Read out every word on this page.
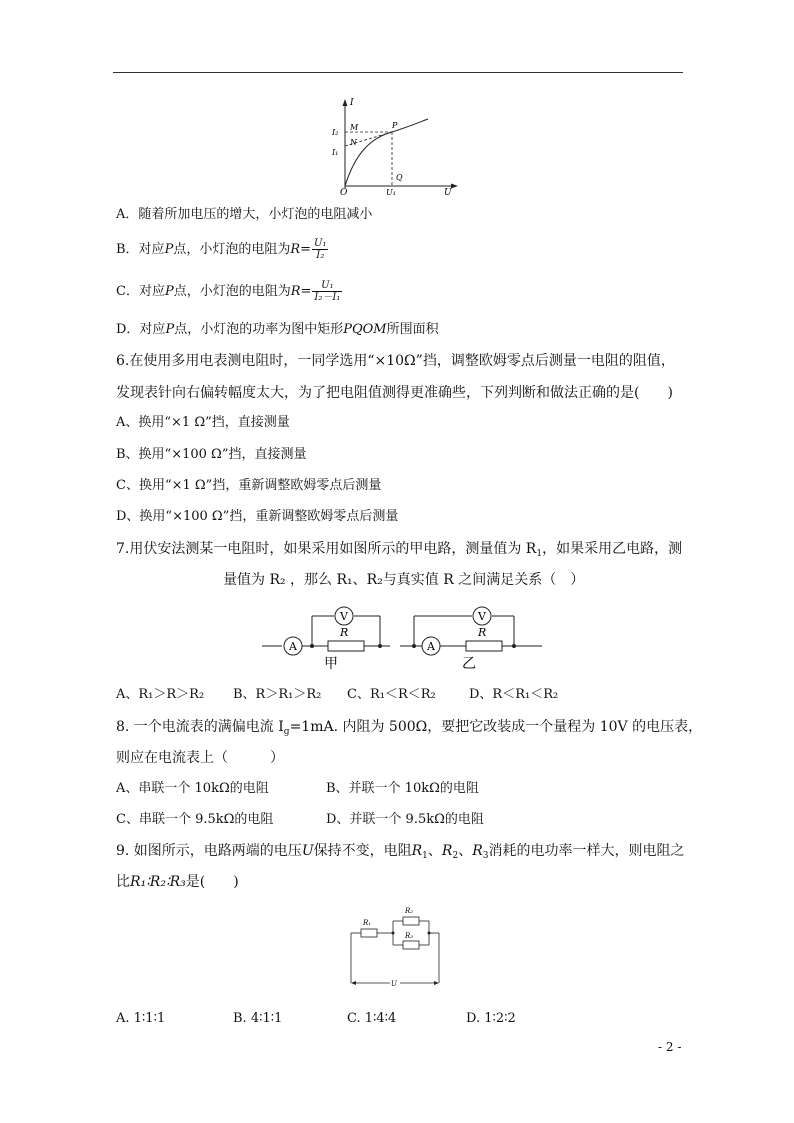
I
U
O
I₂
I₁
U₁
M
N
P
Q
A．随着所加电压的增大，小灯泡的电阻减小
B．对应P点，小灯泡的电阻为$R= \frac{\text{U₁}}{\text{I₂}}$
C．对应P点，小灯泡的电阻为$R= \frac{\text{U₁}}{\text{I₂－I₁}}$
D．对应P点，小灯泡的功率为图中矩形PQOM所围面积
6.在使用多用电表测电阻时，一同学选用“×10Ω”挡，调整欧姆零点后测量一电阻的阻值，
发现表针向右偏转幅度太大，为了把电阻值测得更准确些，下列判断和做法正确的是(　　)
A、换用“×1 Ω”挡，直接测量
B、换用“×100 Ω”挡，直接测量
C、换用“×1 Ω”挡，重新调整欧姆零点后测量
D、换用“×100 Ω”挡，重新调整欧姆零点后测量
7.用伏安法测某一电阻时，如果采用如图所示的甲电路，测量值为 $R_1$，如果采用乙电路，测
量值为 R₂ ，那么 R₁、R₂与真实值 R 之间满足关系（　）
A
V
R
甲
A
V
R
乙
A、R₁＞R＞R₂ B、R＞R₁＞R₂ C、R₁＜R＜R₂	D、R＜R₁＜R₂
8. 一个电流表的满偏电流 $I_g=1mA$. 内阻为 500Ω，要把它改装成一个量程为 10V 的电压表，
则应在电流表上（　　　）
A、串联一个 10kΩ的电阻	B、并联一个 10kΩ的电阻
C、串联一个 9.5kΩ的电阻	D、并联一个 9.5kΩ的电阻
9. 如图所示，电路两端的电压U保持不变，电阻$R_1$、$R_2$、$R_3$消耗的电功率一样大，则电阻之
比R₁∶R₂∶R₃是(　　)
R₁
R₂
R₃
U
A. 1∶1∶1	B. 4∶1∶1	C. 1∶4∶4	D. 1∶2∶2
- 2 -
